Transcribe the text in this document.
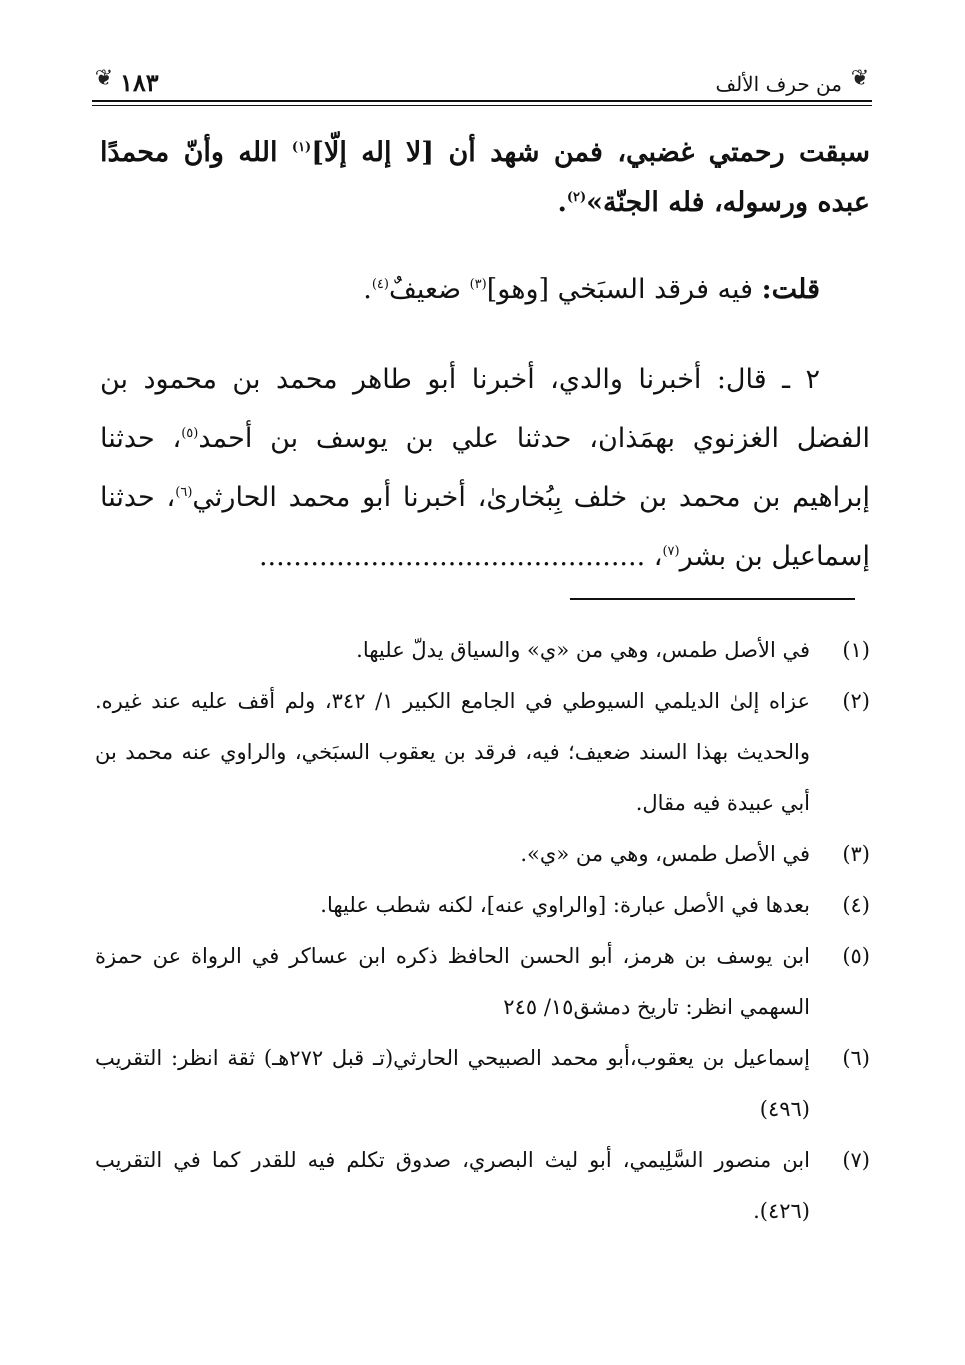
❦
من حرف الألف
١٨٣
❦
سبقت رحمتي غضبي، فمن شهد أن [لا إله إلّا]$^{(١)}$ الله وأنّ محمدًا عبده ورسوله، فله الجنّة»$^{(٢)}$.
قلت: فيه فرقد السبَخي [وهو]$^{(٣)}$ ضعيفٌ$^{(٤)}$.
٢ ـ قال: أخبرنا والدي، أخبرنا أبو طاهر محمد بن محمود بن الفضل الغزنوي بهمَذان، حدثنا علي بن يوسف بن أحمد$^{(٥)}$، حدثنا إبراهيم بن محمد بن خلف بِبُخارىٰ، أخبرنا أبو محمد الحارثي$^{(٦)}$، حدثنا إسماعيل بن بشر$^{(٧)}$، .............................................
(١)
في الأصل طمس، وهي من «ي» والسياق يدلّ عليها.
(٢)
عزاه إلىٰ الديلمي السيوطي في الجامع الكبير ١/ ٣٤٢، ولم أقف عليه عند غيره. والحديث بهذا السند ضعيف؛ فيه، فرقد بن يعقوب السبَخي، والراوي عنه محمد بن أبي عبيدة فيه مقال.
(٣)
في الأصل طمس، وهي من «ي».
(٤)
بعدها في الأصل عبارة: [والراوي عنه]، لكنه شطب عليها.
(٥)
ابن يوسف بن هرمز، أبو الحسن الحافظ ذكره ابن عساكر في الرواة عن حمزة السهمي انظر: تاريخ دمشق١٥/ ٢٤٥
(٦)
إسماعيل بن يعقوب،أبو محمد الصبيحي الحارثي(تـ قبل ٢٧٢هـ) ثقة انظر: التقريب (٤٩٦)
(٧)
ابن منصور السَّلِيمي، أبو ليث البصري، صدوق تكلم فيه للقدر كما في التقريب (٤٢٦).
